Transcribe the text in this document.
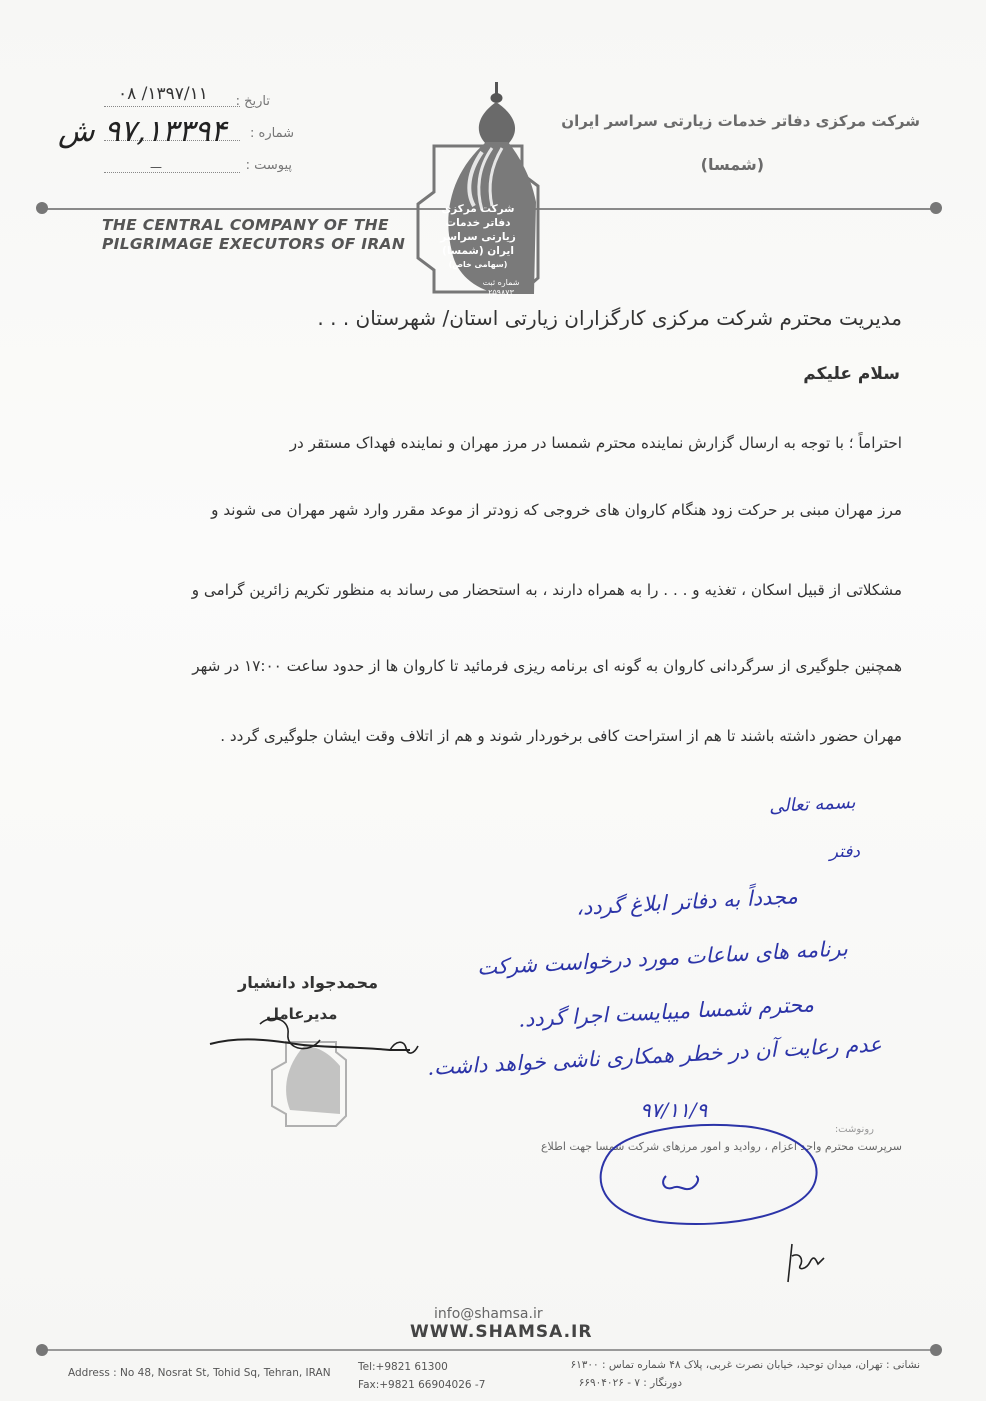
شرکت مرکزی دفاتر خدمات زیارتی سراسر ایران
(شمسا)
THE CENTRAL COMPANY OF THE
PILGRIMAGE EXECUTORS OF IRAN
تاریخ :
۱۳۹۷/۱۱/ ۰۸
شماره :
۹۷,۱۳۳۹۴ ش
پیوست :
—
شرکت مرکزی
دفاتر خدمات
زیارتی سراسر
ایران (شمسا)
(سهامی خاص)
شماره ثبت
۲۵۹۸۷۳
مدیریت محترم شرکت مرکزی کارگزاران زیارتی استان/ شهرستان . . .
سلام علیکم
احتراماً ؛ با توجه به ارسال گزارش نماینده محترم شمسا در مرز مهران و نماینده فهداک مستقر در
مرز مهران مبنی بر حرکت زود هنگام کاروان های خروجی که زودتر از موعد مقرر وارد شهر مهران می شوند و
مشکلاتی از قبیل اسکان ، تغذیه و . . . را به همراه دارند ، به استحضار می رساند به منظور تکریم زائرین گرامی و
همچنین جلوگیری از سرگردانی کاروان به گونه ای برنامه ریزی فرمائید تا کاروان ها از حدود ساعت ۱۷:۰۰ در شهر
مهران حضور داشته باشند تا هم از استراحت کافی برخوردار شوند و هم از اتلاف وقت ایشان جلوگیری گردد .
محمدجواد دانشیار
مدیرعامل
بسمه تعالی
دفتر
مجدداً به دفاتر ابلاغ گردد،
برنامه های ساعات مورد درخواست شرکت
محترم شمسا میبایست اجرا گردد.
عدم رعایت آن در خطر همکاری ناشی خواهد داشت.
۹۷/۱۱/۹
رونوشت:
سرپرست محترم واحد اعزام ، روادید و امور مرزهای شرکت شمسا جهت اطلاع
info@shamsa.ir
WWW.SHAMSA.IR
Address : No 48, Nosrat St, Tohid Sq, Tehran, IRAN	Tel:+9821 61300
Fax:+9821 66904026 -7
نشانی : تهران، میدان توحید، خیابان نصرت غربی، پلاک ۴۸ شماره تماس : ۶۱۳۰۰
دورنگار : ۷ - ۶۶۹۰۴۰۲۶
